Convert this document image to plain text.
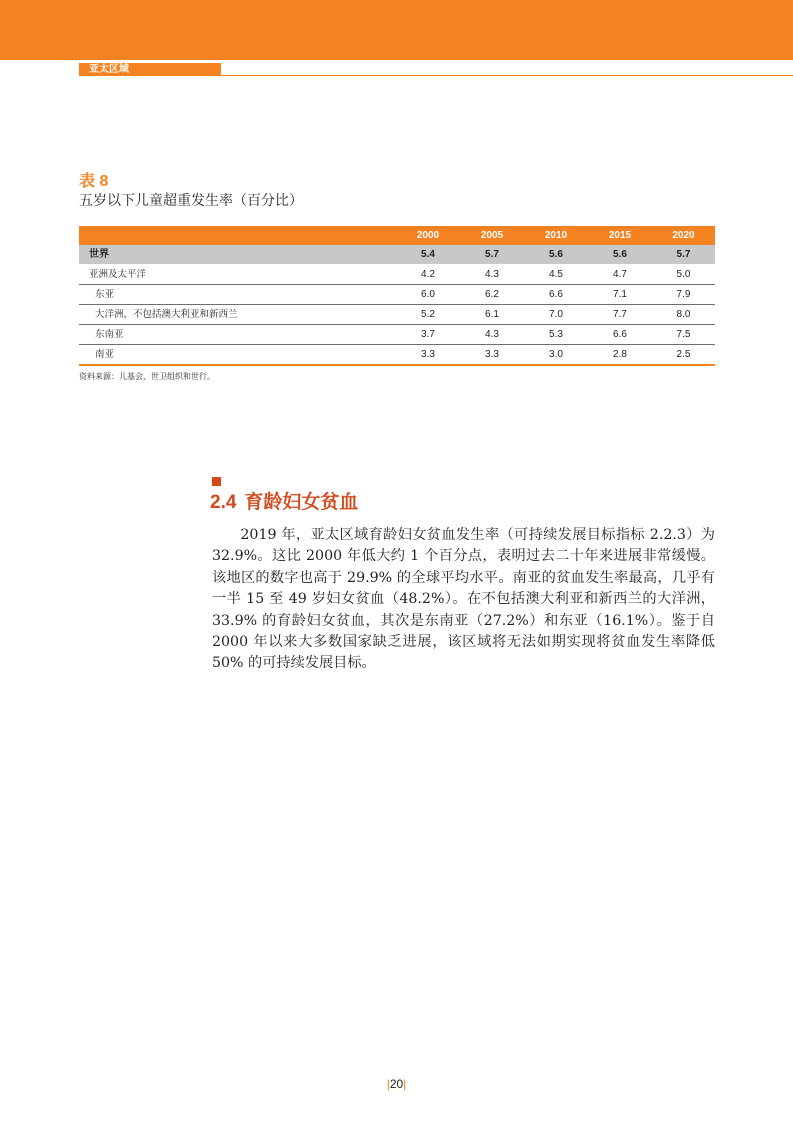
亚太区域
表 8
五岁以下儿童超重发生率（百分比）
	2000	2005	2010	2015	2020
世界	5.4	5.7	5.6	5.6	5.7
亚洲及太平洋	4.2	4.3	4.5	4.7	5.0
东亚	6.0	6.2	6.6	7.1	7.9
大洋洲，不包括澳大利亚和新西兰	5.2	6.1	7.0	7.7	8.0
东南亚	3.7	4.3	5.3	6.6	7.5
南亚	3.3	3.3	3.0	2.8	2.5
资料来源：儿基会、世卫组织和世行。
2.4 育龄妇女贫血

2019 年，亚太区域育龄妇女贫血发生率（可持续发展目标指标 2.2.3）为 32.9%。这比 2000 年低大约 1 个百分点，表明过去二十年来进展非常缓慢。该地区的数字也高于 29.9% 的全球平均水平。南亚的贫血发生率最高，几乎有一半 15 至 49 岁妇女贫血（48.2%）。在不包括澳大利亚和新西兰的大洋洲，33.9% 的育龄妇女贫血，其次是东南亚（27.2%）和东亚（16.1%）。鉴于自 2000 年以来大多数国家缺乏进展，该区域将无法如期实现将贫血发生率降低 50% 的可持续发展目标。

|20|
